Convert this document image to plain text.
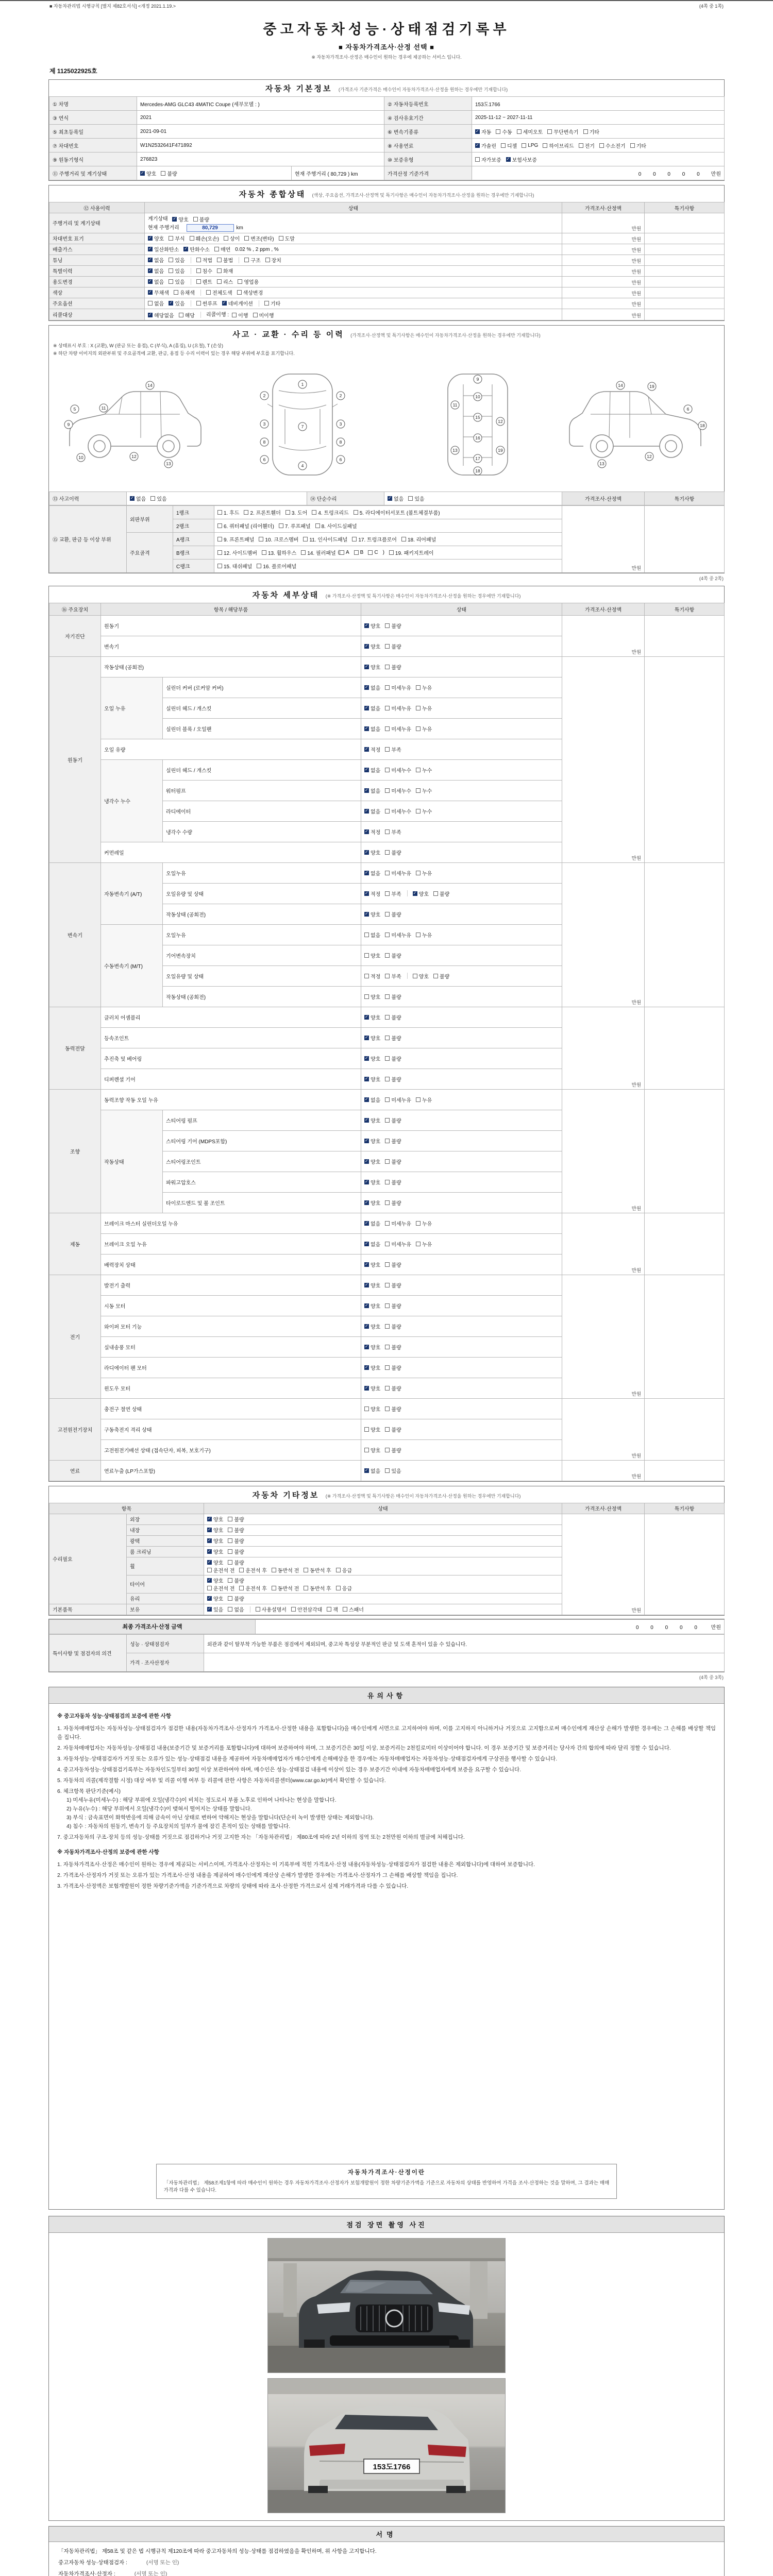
■ 자동차관리법 시행규칙 [별지 제82호서식] <개정 2021.1.19.>	(4쪽 중 1쪽)
중고자동차성능·상태점검기록부
■ 자동차가격조사·산정 선택 ■
※ 자동차가격조사·산정은 매수인이 원하는 경우에 제공하는 서비스 입니다.
제 1125022925호
자동차 기본정보 (가격조사 기준가격은 매수인이 자동차가격조사·산정을 원하는 경우에만 기재합니다)
① 차명	Mercedes-AMG GLC43 4MATIC Coupe (세부모델 : )		② 자동차등록번호	153도1766
③ 연식	2021		④ 검사유효기간	2025-11-12 ~ 2027-11-11
⑤ 최초등록일	2021-09-01		⑥ 변속기종류	
✓자동 수동 세미오토 무단변속기 기타

⑦ 차대번호	W1N2532641F471892	⑧ 사용연료	
✓가솔린 디젤 LPG 하이브리드 전기 수소전기 기타

⑨ 원동기형식	276823		⑩ 보증유형	자가보증 ✓ 보험사보증

⑪ 주행거리 및 계기상태	
✓양호 불량	현재 주행거리 ( 80,729 ) km	가격산정 기준가격	0 0 0 0 0 만원
자동차 종합상태 (색상, 주요옵션, 가격조사·산정액 및 특기사항은 매수인이 자동차가격조사·산정을 원하는 경우에만 기재합니다)
⑫ 사용이력	상태	가격조사·산정액	특기사항
주행거리 및 계기상태	계기상태 ✓ 양호 불량
현재 주행거리 80,729 km	만원	
차대번호 표기	
✓양호 부식 훼손(오손) 상이 변조(변타) 도말	만원	
배출가스	
✓일산화탄소 ✓ 탄화수소 매연 0.02 % , 2 ppm , %	만원	
튜닝	
✓없음 있음	적법 불법	구조 장치	만원	
특별이력	
✓없음 있음 침수 화재	만원	
용도변경	
✓없음 있음 렌트 리스 영업용	만원	
색상	
✓무채색 유채색 전체도색 색상변경	만원	
주요옵션	없음 ✓ 있음 썬루프 ✓ 네비게이션 기타	만원	
리콜대상	
✓해당없음 해당 리콜이행 : 이행 미이행	만원	
사고 · 교환 · 수리 등 이력 (가격조사·산정액 및 특기사항은 매수인이 자동차가격조사·산정을 원하는 경우에만 기재합니다)
※ 상태표시 부호 : X (교환), W (판금 또는 용접), C (부식), A (흠집), U (요철), T (손상)
※ 하단 차량 이미지의 외판부위 및 주요골격에 교환, 판금, 용접 등 수리 이력이 있는 경우 해당 부위에 부호를 표기합니다.
5
9
10
11
12
13
14	1
2	2
3	3
8	8
6	6
7
4
9
10
11
12
15
16
13	19
17
18
14	19
6
18
13
12
⑬ 사고이력	
✓없음 있음	⑭ 단순수리	
✓없음 있음	가격조사·산정액	특기사항
⑮ 교환, 판금 등 이상 부위	외판부위	1랭크	1. 후드 2. 프론트휀더 3. 도어 4. 트렁크리드 5. 라디에이터서포트 (볼트체결부품)	만원	
		2랭크	6. 쿼터패널 (리어휀더) 7. 루프패널 8. 사이드실패널		

	주요골격	A랭크	9. 프론트패널 10. 크로스멤버 11. 인사이드패널 17. 트렁크플로어 18. 리어패널		

B랭크	12. 사이드멤버 13. 휠하우스 14. 필러패널 ( A B C ) 19. 패키지트레이

		C랭크	15. 대쉬패널 16. 플로어패널		
(4쪽 중 2쪽)
자동차 세부상태 (※ 가격조사·산정액 및 특기사항은 매수인이 자동차가격조사·산정을 원하는 경우에만 기재합니다)
⑯ 주요장치	항목 / 해당부품		상태	가격조사·산정액	특기사항
자기진단	원동기	
✓양호 불량	만원	
	변속기	
✓양호 불량

원동기	작동상태 (공회전)	
✓양호 불량	만원	
	오일 누유	실린더 커버 (로커암 커버)	
✓없음 미세누유 누유

		실린더 헤드 / 개스킷	
✓없음 미세누유 누유

		실린더 블록 / 오일팬	
✓없음 미세누유 누유

	오일 유량	
✓적정 부족

	냉각수 누수	실린더 헤드 / 개스킷	
✓없음 미세누수 누수

		워터펌프	
✓없음 미세누수 누수

		라디에이터	
✓없음 미세누수 누수

		냉각수 수량	
✓적정 부족

	커먼레일	
✓양호 불량

변속기	자동변속기 (A/T)	오일누유	
✓없음 미세누유 누유	만원	
		오일유량 및 상태	
✓적정 부족 ✓ 양호 불량

		작동상태 (공회전)	
✓양호 불량

	수동변속기 (M/T)	오일누유	없음 미세누유 누유		

		기어변속장치	양호 불량		

		오일유량 및 상태	적정 부족 양호 불량		

		작동상태 (공회전)	양호 불량		

동력전달	클러치 어셈블리	
✓양호 불량	만원	
	등속조인트	
✓양호 불량

	추진축 및 베어링	
✓양호 불량

	디퍼렌셜 기어	
✓양호 불량

조향	동력조향 작동 오일 누유	
✓없음 미세누유 누유	만원	
	작동상태	스티어링 펌프	
✓양호 불량

		스티어링 기어 (MDPS포함)	
✓양호 불량

		스티어링조인트	
✓양호 불량

		파워고압호스	
✓양호 불량

		타이로드엔드 및 볼 조인트	
✓양호 불량

제동	브레이크 마스터 실린더오일 누유	
✓없음 미세누유 누유	만원	
	브레이크 오일 누유	
✓없음 미세누유 누유

	배력장치 상태	
✓양호 불량

전기	발전기 출력	
✓양호 불량	만원	
	시동 모터	
✓양호 불량

	와이퍼 모터 기능	
✓양호 불량

	실내송풍 모터	
✓양호 불량

	라디에이터 팬 모터	
✓양호 불량

	윈도우 모터	
✓양호 불량

고전원전기장치	충전구 절연 상태		양호 불량	만원	
	구동축전지 격리 상태		양호 불량		

	고전원전기배선 상태 (접속단자, 피복, 보호기구)		양호 불량		

연료	연료누출 (LP가스포함)	
✓없음 있음	만원	
자동차 기타정보 (※ 가격조사·산정액 및 특기사항은 매수인이 자동차가격조사·산정을 원하는 경우에만 기재합니다)
항목		상태	가격조사·산정액	특기사항
수리필요	외장	
✓양호 불량	만원	
	내장	
✓양호 불량

	광택	
✓양호 불량

	룸 크리닝	
✓양호 불량

휠	
✓
양호 불량
운전석 전 운전석 후 동반석 전 동반석 후 응급

타이어	
✓
양호 불량
운전석 전 운전석 후 동반석 전 동반석 후 응급

	유리	
✓양호 불량

기본품목	보유	
✓있음 없음	사용설명서 안전삼각대 잭 스패너
최종 가격조사·산정 금액	0 0 0 0 0 만원
특이사항 및 점검자의 의견	성능 · 상태점검자	외관과 같이 탈부착 가능한 부품은 점검에서 제외되며, 중고차 특성상 부분적인 판금 및 도색 흔적이 있을 수 있습니다.
	가격 · 조사산정자	
(4쪽 중 3쪽)
유의사항
※ 중고자동차 성능·상태점검의 보증에 관한 사항
1. 자동차매매업자는 자동차성능·상태점검자가 점검한 내용(자동차가격조사·산정자가 가격조사·산정한 내용을 포함합니다)을 매수인에게 서면으로 고지하여야 하며, 이를 고지하지 아니하거나 거짓으로 고지함으로써 매수인에게 재산상 손해가 발생한 경우에는 그 손해를 배상할 책임을 집니다.
2. 자동차매매업자는 자동차성능·상태점검 내용(보증기간 및 보증거리를 포함합니다)에 대하여 보증하여야 하며, 그 보증기간은 30일 이상, 보증거리는 2천킬로미터 이상이어야 합니다. 이 경우 보증기간 및 보증거리는 당사자 간의 합의에 따라 달리 정할 수 있습니다.
3. 자동차성능·상태점검자가 거짓 또는 오류가 있는 성능·상태점검 내용을 제공하여 자동차매매업자가 매수인에게 손해배상을 한 경우에는 자동차매매업자는 자동차성능·상태점검자에게 구상권을 행사할 수 있습니다.
4. 중고자동차성능·상태점검기록부는 자동차인도일부터 30일 이상 보관하여야 하며, 매수인은 성능·상태점검 내용에 이상이 있는 경우 보증기간 이내에 자동차매매업자에게 보증을 요구할 수 있습니다.
5. 자동차의 리콜(제작결함 시정) 대상 여부 및 리콜 이행 여부 등 리콜에 관한 사항은 자동차리콜센터(www.car.go.kr)에서 확인할 수 있습니다.
6. 체크항목 판단기준(예시)
1) 미세누유(미세누수) : 해당 부위에 오일(냉각수)이 비치는 정도로서 부품 노후로 인하여 나타나는 현상을 말합니다.
2) 누유(누수) : 해당 부위에서 오일(냉각수)이 맺혀서 떨어지는 상태를 말합니다.
3) 부식 : 금속표면이 화학반응에 의해 금속이 아닌 상태로 변하여 약해지는 현상을 말합니다(단순히 녹이 발생한 상태는 제외합니다).
4) 침수 : 자동차의 원동기, 변속기 등 주요장치의 일부가 물에 잠긴 흔적이 있는 상태를 말합니다.
7. 중고자동차의 구조·장치 등의 성능·상태를 거짓으로 점검하거나 거짓 고지한 자는 「자동차관리법」 제80조에 따라 2년 이하의 징역 또는 2천만원 이하의 벌금에 처해집니다.
※ 자동차가격조사·산정의 보증에 관한 사항
1. 자동차가격조사·산정은 매수인이 원하는 경우에 제공되는 서비스이며, 가격조사·산정자는 이 기록부에 적힌 가격조사·산정 내용(자동차성능·상태점검자가 점검한 내용은 제외합니다)에 대하여 보증합니다.
2. 가격조사·산정자가 거짓 또는 오류가 있는 가격조사·산정 내용을 제공하여 매수인에게 재산상 손해가 발생한 경우에는 가격조사·산정자가 그 손해를 배상할 책임을 집니다.
3. 가격조사·산정액은 보험개발원이 정한 차량기준가액을 기준가격으로 차량의 상태에 따라 조사·산정한 가격으로서 실제 거래가격과 다를 수 있습니다.
자동차가격조사·산정이란
「자동차관리법」 제58조제1항에 따라 매수인이 원하는 경우 자동차가격조사·산정자가 보험개발원이 정한 차량기준가액을 기준으로 자동차의 상태를 반영하여 가격을 조사·산정하는 것을 말하며, 그 결과는 매매가격과 다를 수 있습니다.
점검 장면 촬영 사진
153도1766
서명
「자동차관리법」 제58조 및 같은 법 시행규칙 제120조에 따라 중고자동차의 성능·상태를 점검하였음을 확인하며, 위 사항을 고지합니다.
중고자동차 성능·상태점검자 :	(서명 또는 인)
자동차가격조사·산정자 :	(서명 또는 인)
